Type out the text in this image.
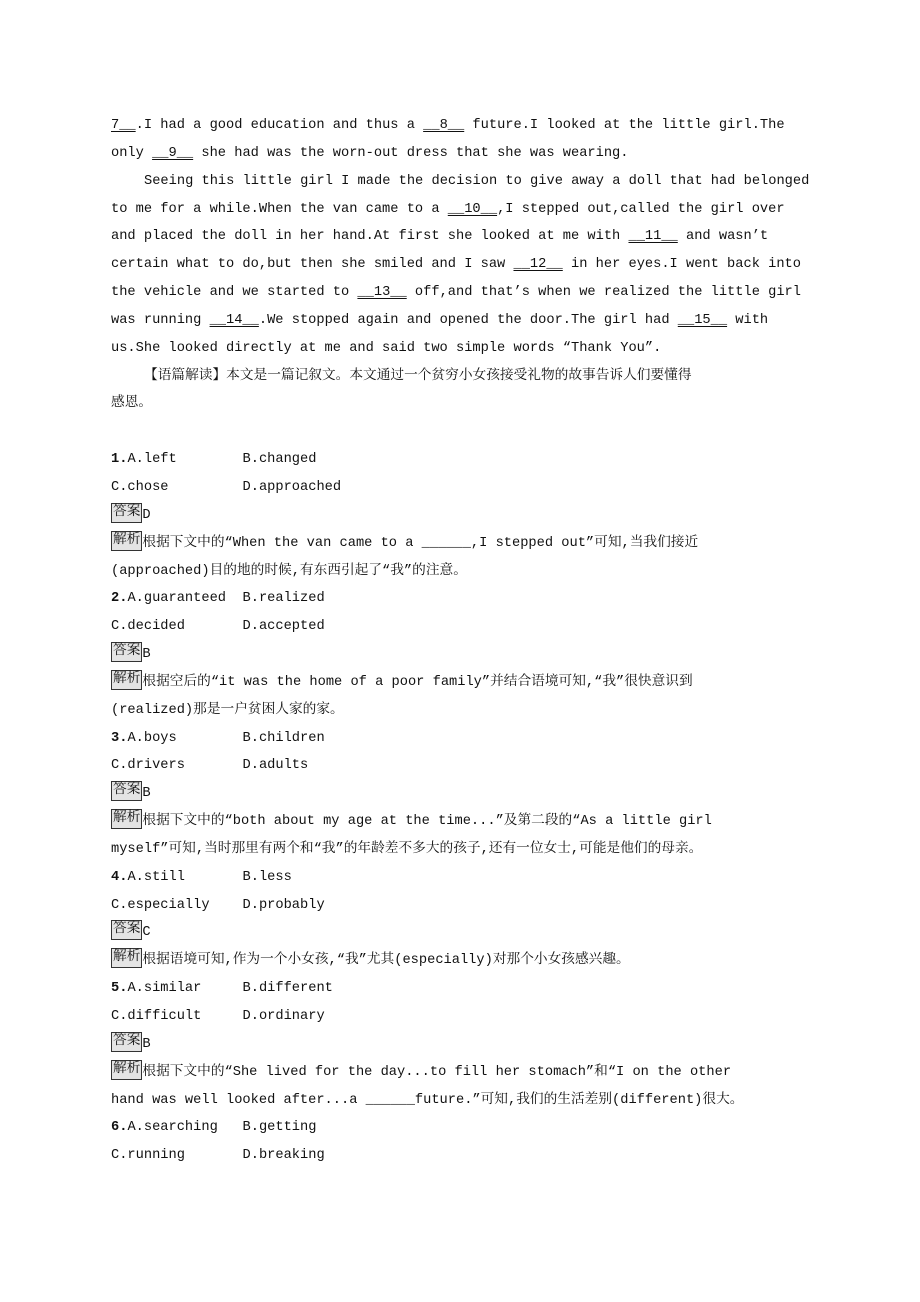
7__.I had a good education and thus a __8__ future.I looked at the little girl.The
only __9__ she had was the worn-out dress that she was wearing.
Seeing this little girl I made the decision to give away a doll that had belonged
to me for a while.When the van came to a __10__,I stepped out,called the girl over
and placed the doll in her hand.At first she looked at me with __11__ and wasn’t
certain what to do,but then she smiled and I saw __12__ in her eyes.I went back into
the vehicle and we started to __13__ off,and that’s when we realized the little girl
was running __14__.We stopped again and opened the door.The girl had __15__ with
us.She looked directly at me and said two simple words “Thank You”.
【语篇解读】本文是一篇记叙文。本文通过一个贫穷小女孩接受礼物的故事告诉人们要懂得
感恩。

1.A.left	B.changed
C.chose	D.approached
答案 D
解析 根据下文中的“When the van came to a ______,I stepped out”可知,当我们接近
(approached)目的地的时候,有东西引起了“我”的注意。
2.A.guaranteed B.realized
C.decided	D.accepted
答案 B
解析 根据空后的“it was the home of a poor family”并结合语境可知,“我”很快意识到
(realized)那是一户贫困人家的家。
3.A.boys	B.children
C.drivers	D.adults
答案 B
解析 根据下文中的“both about my age at the time...”及第二段的“As a little girl
myself”可知,当时那里有两个和“我”的年龄差不多大的孩子,还有一位女士,可能是他们的母亲。
4.A.still	B.less
C.especially D.probably
答案 C
解析 根据语境可知,作为一个小女孩,“我”尤其(especially)对那个小女孩感兴趣。
5.A.similar	B.different
C.difficult	D.ordinary
答案 B
解析 根据下文中的“She lived for the day...to fill her stomach”和“I on the other
hand was well looked after...a ______future.”可知,我们的生活差别(different)很大。
6.A.searching B.getting
C.running	D.breaking
